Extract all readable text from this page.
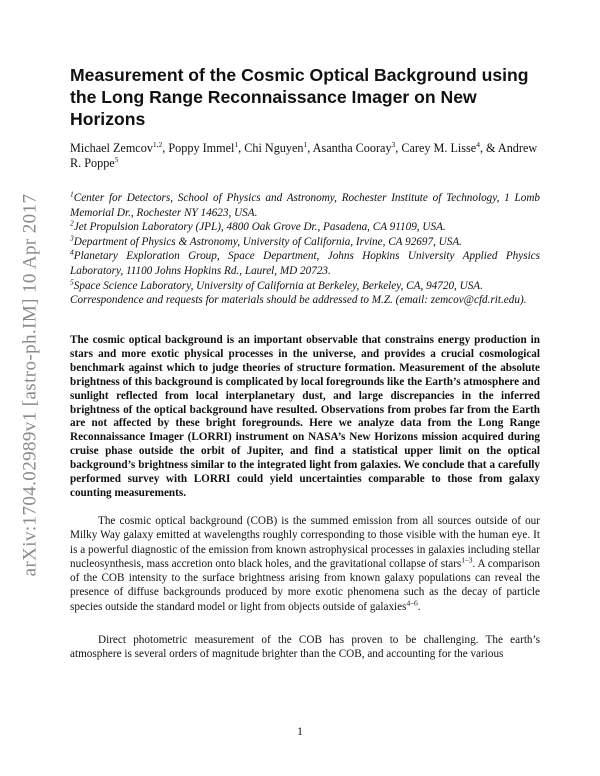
arXiv:1704.02989v1 [astro-ph.IM] 10 Apr 2017
Measurement of the Cosmic Optical Background using the Long Range Reconnaissance Imager on New Horizons
Michael Zemcov$^{1,2}$, Poppy Immel$^1$, Chi Nguyen$^1$, Asantha Cooray$^3$, Carey M. Lisse$^4$, & Andrew R. Poppe$^5$
$^1$Center for Detectors, School of Physics and Astronomy, Rochester Institute of Technology, 1 Lomb Memorial Dr., Rochester NY 14623, USA.
$^2$Jet Propulsion Laboratory (JPL), 4800 Oak Grove Dr., Pasadena, CA 91109, USA.
$^3$Department of Physics & Astronomy, University of California, Irvine, CA 92697, USA.
$^4$Planetary Exploration Group, Space Department, Johns Hopkins University Applied Physics Laboratory, 11100 Johns Hopkins Rd., Laurel, MD 20723.
$^5$Space Science Laboratory, University of California at Berkeley, Berkeley, CA, 94720, USA.
Correspondence and requests for materials should be addressed to M.Z. (email: zemcov@cfd.rit.edu).

The cosmic optical background is an important observable that constrains energy production in stars and more exotic physical processes in the universe, and provides a crucial cosmological benchmark against which to judge theories of structure formation. Measurement of the absolute brightness of this background is complicated by local foregrounds like the Earth’s atmosphere and sunlight reflected from local interplanetary dust, and large discrepancies in the inferred brightness of the optical background have resulted. Observations from probes far from the Earth are not affected by these bright foregrounds. Here we analyze data from the Long Range Reconnaissance Imager (LORRI) instrument on NASA’s New Horizons mission acquired during cruise phase outside the orbit of Jupiter, and find a statistical upper limit on the optical background’s brightness similar to the integrated light from galaxies. We conclude that a carefully performed survey with LORRI could yield uncertainties comparable to those from galaxy counting measurements.

The cosmic optical background (COB) is the summed emission from all sources outside of our Milky Way galaxy emitted at wavelengths roughly corresponding to those visible with the human eye. It is a powerful diagnostic of the emission from known astrophysical processes in galaxies including stellar nucleosynthesis, mass accretion onto black holes, and the gravitational collapse of stars$^{1-3}$. A comparison of the COB intensity to the surface brightness arising from known galaxy populations can reveal the presence of diffuse backgrounds produced by more exotic phenomena such as the decay of particle species outside the standard model or light from objects outside of galaxies$^{4-6}$.

Direct photometric measurement of the COB has proven to be challenging. The earth’s atmosphere is several orders of magnitude brighter than the COB, and accounting for the various

1
